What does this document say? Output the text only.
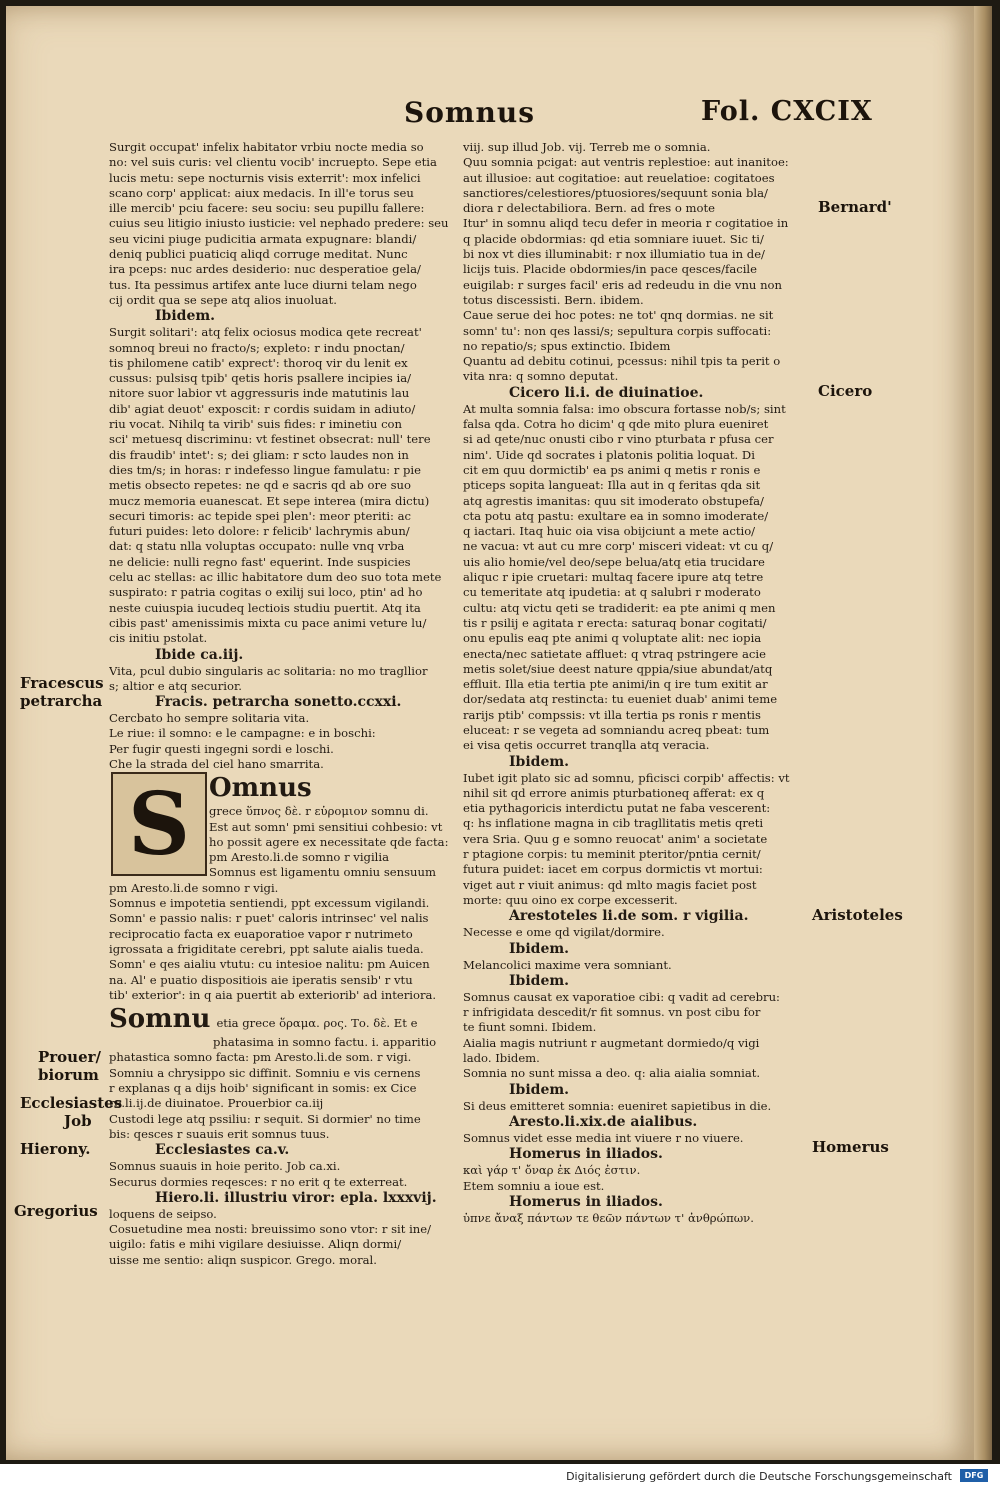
Somnus	Fol. CXCIX
Surgit occupat' infelix habitator vrbiu nocte media so
no: vel suis curis: vel clientu vocib' incruepto. Sepe etia
lucis metu: sepe nocturnis visis exterrit': mox infelici
scano corp' applicat: aiux medacis. In ill'e torus seu
ille mercib' pciu facere: seu sociu: seu pupillu fallere:
cuius seu litigio iniusto iusticie: vel nephado predere: seu
seu vicini piuge pudicitia armata expugnare: blandi/
deniq publici puaticiq aliqd corruge meditat. Nunc
ira pceps: nuc ardes desiderio: nuc desperatioe gela/
tus. Ita pessimus artifex ante luce diurni telam nego
cij ordit qua se sepe atq alios inuoluat.
Ibidem.
Surgit solitari': atq felix ociosus modica qete recreat'
somnoq breui no fracto/s; expleto: r indu pnoctan/
tis philomene catib' exprect': thoroq vir du lenit ex
cussus: pulsisq tpib' qetis horis psallere incipies ia/
nitore suor labior vt aggressuris inde matutinis lau
dib' agiat deuot' exposcit: r cordis suidam in adiuto/
riu vocat. Nihilq ta virib' suis fides: r iminetiu con
sci' metuesq discriminu: vt festinet obsecrat: null' tere
dis fraudib' intet': s; dei gliam: r scto laudes non in
dies tm/s; in horas: r indefesso lingue famulatu: r pie
metis obsecto repetes: ne qd e sacris qd ab ore suo
mucz memoria euanescat. Et sepe interea (mira dictu)
securi timoris: ac tepide spei plen': meor pteriti: ac
futuri puides: leto dolore: r felicib' lachrymis abun/
dat: q statu nlla voluptas occupato: nulle vnq vrba
ne delicie: nulli regno fast' equerint. Inde suspicies
celu ac stellas: ac illic habitatore dum deo suo tota mete
suspirato: r patria cogitas o exilij sui loco, ptin' ad ho
neste cuiuspia iucudeq lectiois studiu puertit. Atq ita
cibis past' amenissimis mixta cu pace animi veture lu/
cis initiu pstolat.
Ibide ca.iij.
Vita, pcul dubio singularis ac solitaria: no mo tragllior
s; altior e atq securior.
Fracis. petrarcha sonetto.ccxxi.
Cercbato ho sempre solitaria vita.
Le riue: il somno: e le campagne: e in boschi:
Per fugir questi ingegni sordi e loschi.
Che la strada del ciel hano smarrita.
S Omnus
grece ὕπνος δὲ. r εὑρομιον somnu di.
Est aut somn' pmi sensitiui cohbesio: vt
ho possit agere ex necessitate qde facta:
pm Aresto.li.de somno r vigilia
Somnus est ligamentu omniu sensuum
pm Aresto.li.de somno r vigi.
Somnus e impotetia sentiendi, ppt excessum vigilandi.
Somn' e passio nalis: r puet' caloris intrinsec' vel nalis
reciprocatio facta ex euaporatioe vapor r nutrimeto
igrossata a frigiditate cerebri, ppt salute aialis tueda.
Somn' e qes aialiu vtutu: cu intesioe nalitu: pm Auicen
na. Al' e puatio dispositiois aie iperatis sensib' r vtu
tib' exterior': in q aia puertit ab exteriorib' ad interiora.
Somnu etia grece ὅραμα. ρος. Το. δὲ. Et e
phatasima in somno factu. i. apparitio
phatastica somno facta: pm Aresto.li.de som. r vigi.
Somniu a chrysippo sic diffinit. Somniu e vis cernens
r explanas q a dijs hoib' significant in somis: ex Cice
ro.li.ij.de diuinatoe. Prouerbior ca.iij
Custodi lege atq pssiliu: r sequit. Si dormier' no time
bis: qesces r suauis erit somnus tuus.
Ecclesiastes ca.v.
Somnus suauis in hoie perito. Job ca.xi.
Securus dormies reqesces: r no erit q te exterreat.
Hiero.li. illustriu viror: epla. lxxxvij.
loquens de seipso.
Cosuetudine mea nosti: breuissimo sono vtor: r sit ine/
uigilo: fatis e mihi vigilare desiuisse. Aliqn dormi/
uisse me sentio: aliqn suspicor. Grego. moral.
viij. sup illud Job. vij. Terreb me o somnia.
Quu somnia pcigat: aut ventris replestioe: aut inanitoe:
aut illusioe: aut cogitatioe: aut reuelatioe: cogitatoes
sanctiores/celestiores/ptuosiores/sequunt sonia bla/
diora r delectabiliora. Bern. ad fres o mote
Itur' in somnu aliqd tecu defer in meoria r cogitatioe in
q placide obdormias: qd etia somniare iuuet. Sic ti/
bi nox vt dies illuminabit: r nox illumiatio tua in de/
licijs tuis. Placide obdormies/in pace qesces/facile
euigilab: r surges facil' eris ad redeudu in die vnu non
totus discessisti. Bern. ibidem.
Caue serue dei hoc potes: ne tot' qnq dormias. ne sit
somn' tu': non qes lassi/s; sepultura corpis suffocati:
no repatio/s; spus extinctio. Ibidem
Quantu ad debitu cotinui, pcessus: nihil tpis ta perit o
vita nra: q somno deputat.
Cicero li.i. de diuinatioe.
At multa somnia falsa: imo obscura fortasse nob/s; sint
falsa qda. Cotra ho dicim' q qde mito plura eueniret
si ad qete/nuc onusti cibo r vino pturbata r pfusa cer
nim'. Uide qd socrates i platonis politia loquat. Di
cit em quu dormictib' ea ps animi q metis r ronis e
pticeps sopita langueat: Illa aut in q feritas qda sit
atq agrestis imanitas: quu sit imoderato obstupefa/
cta potu atq pastu: exultare ea in somno imoderate/
q iactari. Itaq huic oia visa obijciunt a mete actio/
ne vacua: vt aut cu mre corp' misceri videat: vt cu q/
uis alio homie/vel deo/sepe belua/atq etia trucidare
aliquc r ipie cruetari: multaq facere ipure atq tetre
cu temeritate atq ipudetia: at q salubri r moderato
cultu: atq victu qeti se tradiderit: ea pte animi q men
tis r psilij e agitata r erecta: saturaq bonar cogitati/
onu epulis eaq pte animi q voluptate alit: nec iopia
enecta/nec satietate affluet: q vtraq pstringere acie
metis solet/siue deest nature qppia/siue abundat/atq
effluit. Illa etia tertia pte animi/in q ire tum exitit ar
dor/sedata atq restincta: tu eueniet duab' animi teme
rarijs ptib' compssis: vt illa tertia ps ronis r mentis
eluceat: r se vegeta ad somniandu acreq pbeat: tum
ei visa qetis occurret tranqlla atq veracia.
Ibidem.
Iubet igit plato sic ad somnu, pficisci corpib' affectis: vt
nihil sit qd errore animis pturbationeq afferat: ex q
etia pythagoricis interdictu putat ne faba vescerent:
q: hs inflatione magna in cib tragllitatis metis qreti
vera Sria. Quu g e somno reuocat' anim' a societate
r ptagione corpis: tu meminit pteritor/pntia cernit/
futura puidet: iacet em corpus dormictis vt mortui:
viget aut r viuit animus: qd mlto magis faciet post
morte: quu oino ex corpe excesserit.
Arestoteles li.de som. r vigilia.
Necesse e ome qd vigilat/dormire.
Ibidem.
Melancolici maxime vera somniant.
Ibidem.
Somnus causat ex vaporatioe cibi: q vadit ad cerebru:
r infrigidata descedit/r fit somnus. vn post cibu for
te fiunt somni. Ibidem.
Aialia magis nutriunt r augmetant dormiedo/q vigi
lado. Ibidem.
Somnia no sunt missa a deo. q: alia aialia somniat.
Ibidem.
Si deus emitteret somnia: eueniret sapietibus in die.
Aresto.li.xix.de aialibus.
Somnus videt esse media int viuere r no viuere.
Homerus in iliados.
καὶ γάρ τ' ὄναρ ἐκ Διός ἐστιν.
Etem somniu a ioue est.
Homerus in iliados.
ὑπνε ἄναξ πάντων τε θεῶν πάντων τ' ἀνθρώπων.
Bernard'
Cicero
Fracescus
petrarcha
Prouer/
biorum
Ecclesiastes
Job
Hierony.
Gregorius
Aristoteles
Homerus
Digitalisierung gefördert durch die Deutsche Forschungsgemeinschaft	DFG
